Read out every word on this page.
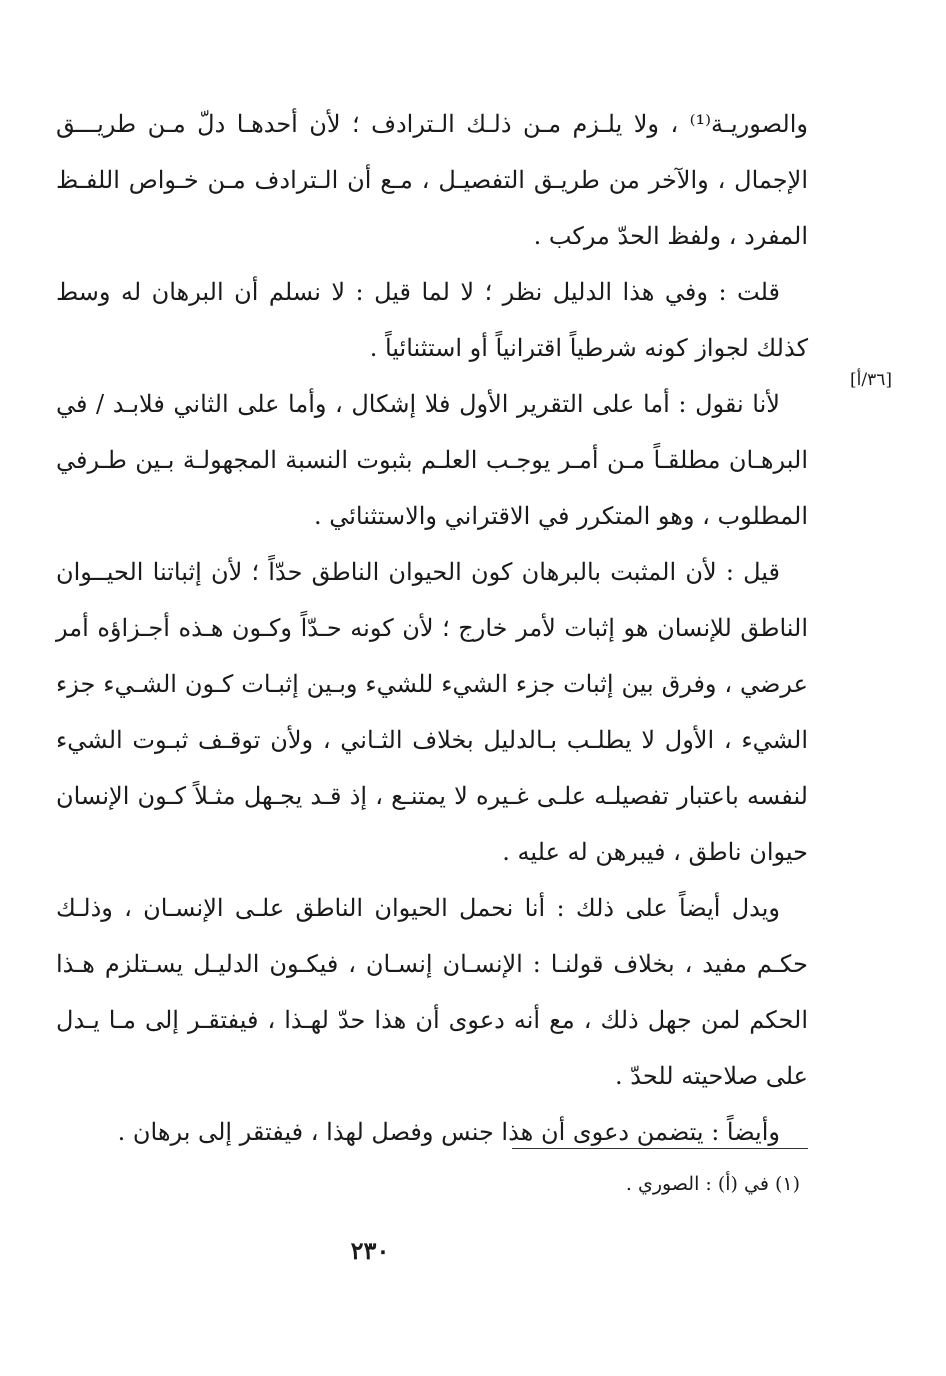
والصوريـة⁽¹⁾ ، ولا يلـزم مـن ذلـك الـترادف ؛ لأن أحدهـا دلّ مـن طريـــق الإجمال ، والآخر من طريـق التفصيـل ، مـع أن الـترادف مـن خـواص اللفـظ المفرد ، ولفظ الحدّ مركب .

قلت : وفي هذا الدليل نظر ؛ لا لما قيل : لا نسلم أن البرهان له وسط كذلك لجواز كونه شرطياً اقترانياً أو استثنائياً .

لأنا نقول : أما على التقرير الأول فلا إشكال ، وأما على الثاني فلابـد / في البرهـان مطلقـاً مـن أمـر يوجـب العلـم بثبوت النسبة المجهولـة بـين طـرفي المطلوب ، وهو المتكرر في الاقتراني والاستثنائي .

قيل : لأن المثبت بالبرهان كون الحيوان الناطق حدّاً ؛ لأن إثباتنا الحيــوان الناطق للإنسان هو إثبات لأمر خارج ؛ لأن كونه حـدّاً وكـون هـذه أجـزاؤه أمر عرضي ، وفرق بين إثبات جزء الشيء للشيء وبـين إثبـات كـون الشـيء جزء الشيء ، الأول لا يطلـب بـالدليل بخلاف الثـاني ، ولأن توقـف ثبـوت الشيء لنفسه باعتبار تفصيلـه علـى غـيره لا يمتنـع ، إذ قـد يجـهل مثـلاً كـون الإنسان حيوان ناطق ، فيبرهن له عليه .

ويدل أيضاً على ذلك : أنا نحمل الحيوان الناطق علـى الإنسـان ، وذلـك حكـم مفيد ، بخلاف قولنـا : الإنسـان إنسـان ، فيكـون الدليـل يسـتلزم هـذا الحكم لمن جهل ذلك ، مع أنه دعوى أن هذا حدّ لهـذا ، فيفتقـر إلى مـا يـدل على صلاحيته للحدّ .

وأيضاً : يتضمن دعوى أن هذا جنس وفصل لهذا ، فيفتقر إلى برهان .

[٣٦/أ]
(١) في (أ) : الصوري .
٢٣٠
